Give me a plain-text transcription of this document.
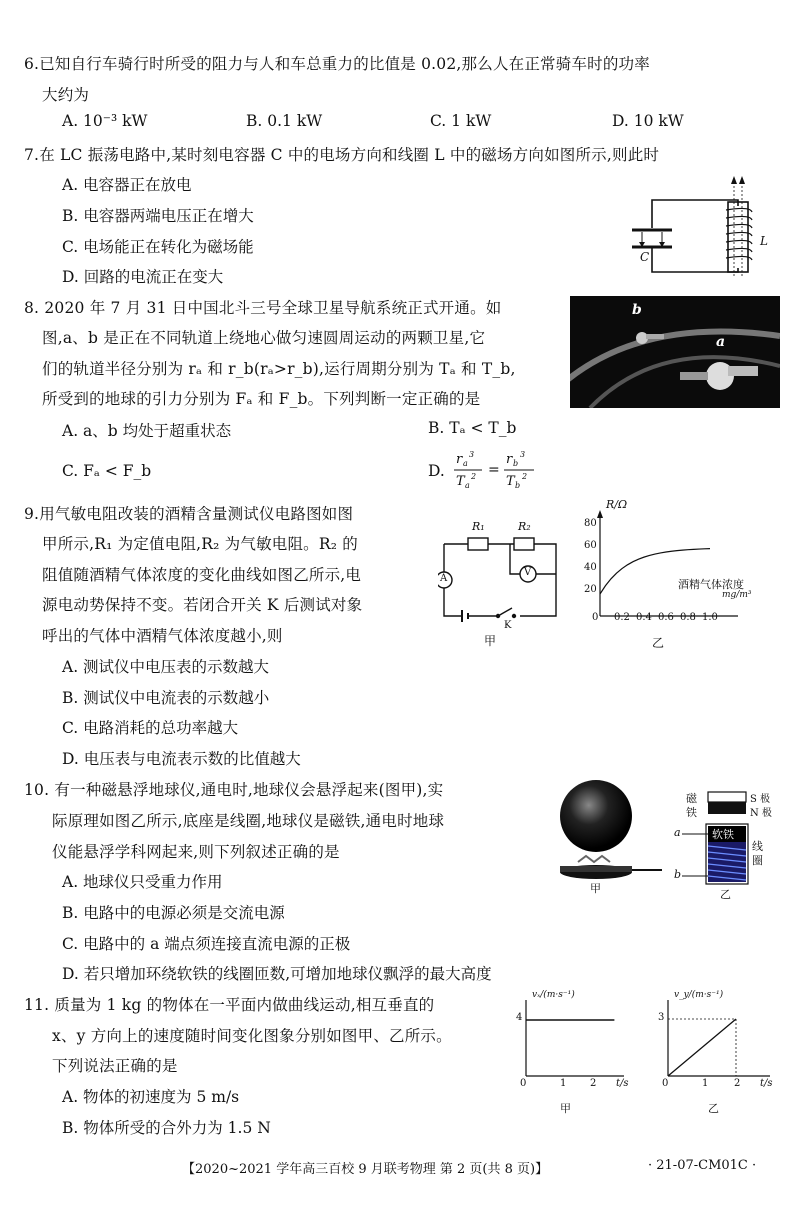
6.已知自行车骑行时所受的阻力与人和车总重力的比值是 0.02,那么人在正常骑车时的功率
大约为
A. 10⁻³ kW	B. 0.1 kW	C. 1 kW	D. 10 kW
7.在 LC 振荡电路中,某时刻电容器 C 中的电场方向和线圈 L 中的磁场方向如图所示,则此时
A. 电容器正在放电
B. 电容器两端电压正在增大
C. 电场能正在转化为磁场能
D. 回路的电流正在变大
C
L
8. 2020 年 7 月 31 日中国北斗三号全球卫星导航系统正式开通。如
图,a、b 是正在不同轨道上绕地心做匀速圆周运动的两颗卫星,它
们的轨道半径分别为 rₐ 和 r_b(rₐ>r_b),运行周期分别为 Tₐ 和 T_b,
所受到的地球的引力分别为 Fₐ 和 F_b。下列判断一定正确的是
A. a、b 均处于超重状态	B. Tₐ < T_b
C. Fₐ < F_b	D.
r a
3
T a
2 =
r b
3
T b
2
b
a
9.用气敏电阻改装的酒精含量测试仪电路图如图
甲所示,R₁ 为定值电阻,R₂ 为气敏电阻。R₂ 的
阻值随酒精气体浓度的变化曲线如图乙所示,电
源电动势保持不变。若闭合开关 K 后测试对象
呼出的气体中酒精气体浓度越小,则
A. 测试仪中电压表的示数越大
B. 测试仪中电流表的示数越小
C. 电路消耗的总功率越大
D. 电压表与电流表示数的比值越大
R₁	R₂
V
A
K
甲
R/Ω
酒精气体浓度
mg/m³
80
60
40
20
0 0.2 0.4 0.6 0.8 1.0
乙
10. 有一种磁悬浮地球仪,通电时,地球仪会悬浮起来(图甲),实
际原理如图乙所示,底座是线圈,地球仪是磁铁,通电时地球
仪能悬浮学科网起来,则下列叙述正确的是
A. 地球仪只受重力作用
B. 电路中的电源必须是交流电源
C. 电路中的 a 端点须连接直流电源的正极
D. 若只增加环绕软铁的线圈匝数,可增加地球仪飘浮的最大高度
甲
磁
铁
S 极
N 极
a
b
软铁
线
圈
乙
11. 质量为 1 kg 的物体在一平面内做曲线运动,相互垂直的
x、y 方向上的速度随时间变化图象分别如图甲、乙所示。
下列说法正确的是
A. 物体的初速度为 5 m/s
B. 物体所受的合外力为 1.5 N
vₓ/(m·s⁻¹)
4
0	1 2 t/s
甲
v_y/(m·s⁻¹)
3
0	1	2 t/s
乙
【2020~2021 学年高三百校 9 月联考物理 第 2 页(共 8 页)】	· 21-07-CM01C ·
